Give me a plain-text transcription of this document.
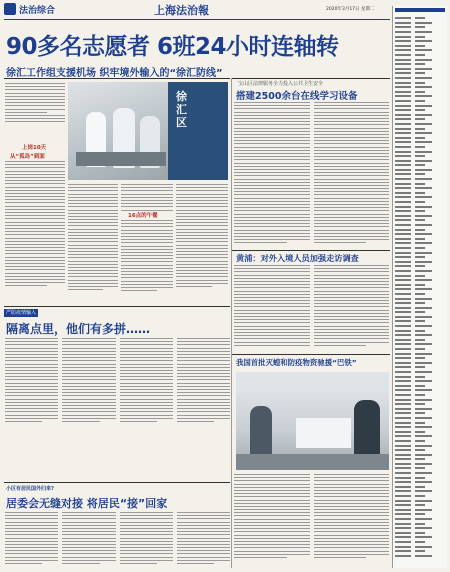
法治综合	上海法治報	2020年3月17日 星期二
90多名志愿者 6班24小时连轴转
徐汇工作组支援机场 织牢境外输入的“徐汇防线”
上岗10天
从“孤岛”到面
徐汇区
16点的午餐
宝山区法律服务全力投入公共卫生安全
搭建2500余台在线学习设备
黄浦：对外入境人员加强走访调查
我国首批灭蝗和防疫物资驰援“巴铁”
严防疫情输入
隔离点里，他们有多拼……
小区有居民国外归来?
居委会无缝对接 将居民“接”回家
